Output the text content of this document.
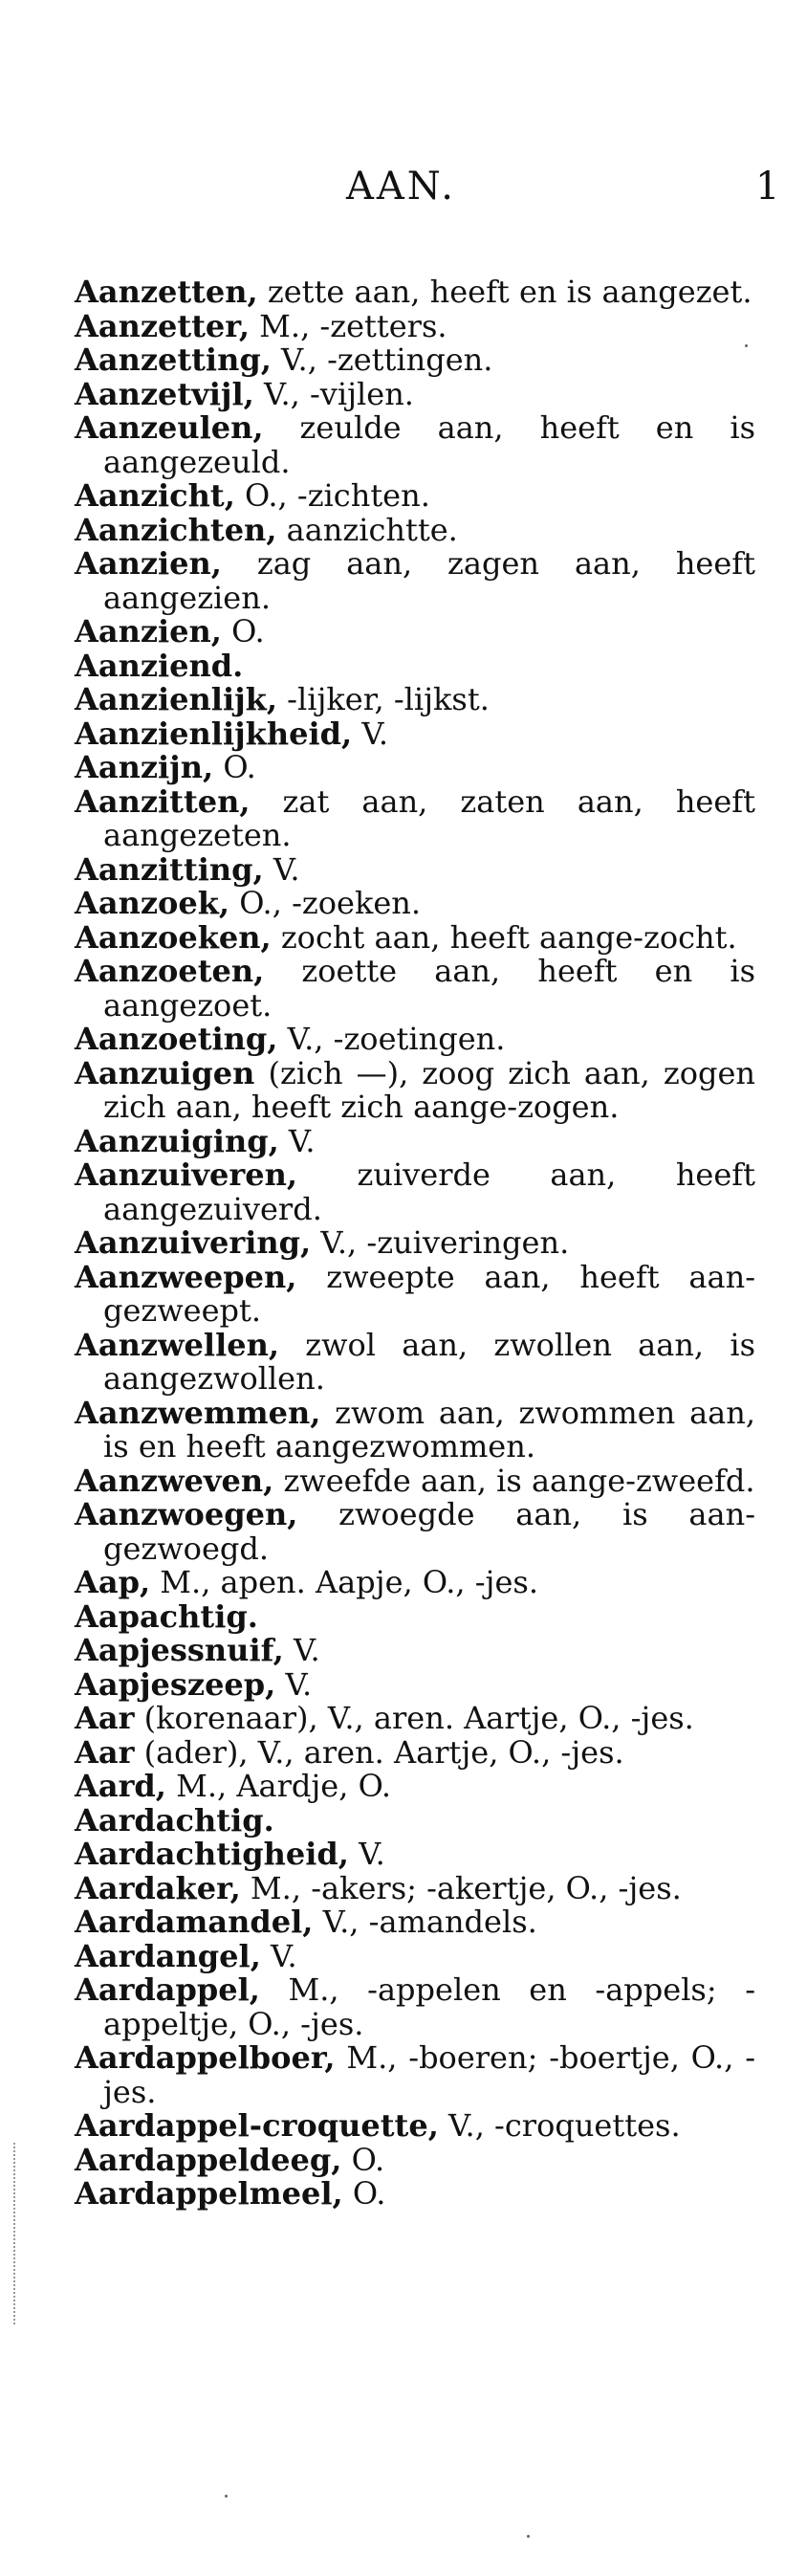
AAN.	1

Aanzetten, zette aan, heeft en is aangezet.

Aanzetter, M., -zetters.

Aanzetting, V., -zettingen.

Aanzetvijl, V., -vijlen.

Aanzeulen, zeulde aan, heeft en is aangezeuld.

Aanzicht, O., -zichten.

Aanzichten, aanzichtte.

Aanzien, zag aan, zagen aan, heeft aangezien.

Aanzien, O.

Aanziend.

Aanzienlijk, -lijker, -lijkst.

Aanzienlijkheid, V.

Aanzijn, O.

Aanzitten, zat aan, zaten aan, heeft aangezeten.

Aanzitting, V.

Aanzoek, O., -zoeken.

Aanzoeken, zocht aan, heeft aange-zocht.

Aanzoeten, zoette aan, heeft en is aangezoet.

Aanzoeting, V., -zoetingen.

Aanzuigen (zich —), zoog zich aan, zogen zich aan, heeft zich aange-zogen.

Aanzuiging, V.

Aanzuiveren, zuiverde aan, heeft aangezuiverd.

Aanzuivering, V., -zuiveringen.

Aanzweepen, zweepte aan, heeft aan-gezweept.

Aanzwellen, zwol aan, zwollen aan, is aangezwollen.

Aanzwemmen, zwom aan, zwommen aan, is en heeft aangezwommen.

Aanzweven, zweefde aan, is aange-zweefd.

Aanzwoegen, zwoegde aan, is aan-gezwoegd.

Aap, M., apen. Aapje, O., -jes.

Aapachtig.

Aapjessnuif, V.

Aapjeszeep, V.

Aar (korenaar), V., aren. Aartje, O., -jes.

Aar (ader), V., aren. Aartje, O., -jes.

Aard, M., Aardje, O.

Aardachtig.

Aardachtigheid, V.

Aardaker, M., -akers; -akertje, O., -jes.

Aardamandel, V., -amandels.

Aardangel, V.

Aardappel, M., -appelen en -appels; -appeltje, O., -jes.

Aardappelboer, M., -boeren; -boertje, O., -jes.

Aardappel-croquette, V., -croquettes.

Aardappeldeeg, O.

Aardappelmeel, O.
